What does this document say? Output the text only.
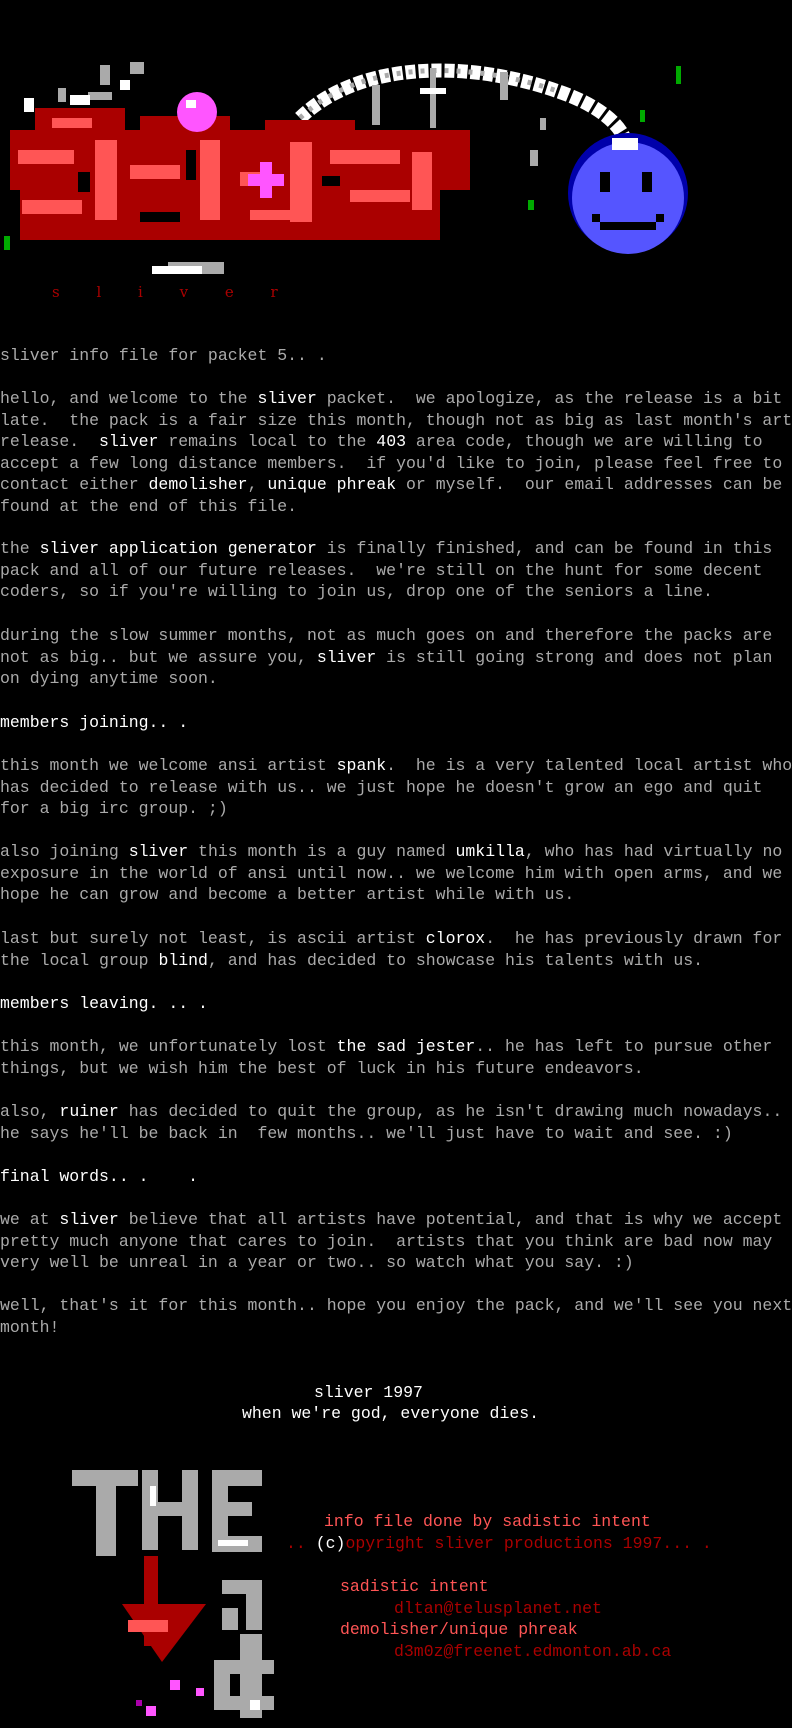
s l i v e r

sliver info file for packet 5.. .

hello, and welcome to the sliver packet.  we apologize, as the release is a bit
late.  the pack is a fair size this month, though not as big as last month's art
release.  sliver remains local to the 403 area code, though we are willing to
accept a few long distance members.  if you'd like to join, please feel free to
contact either demolisher, unique phreak or myself.  our email addresses can be
found at the end of this file.
the sliver application generator is finally finished, and can be found in this
pack and all of our future releases.  we're still on the hunt for some decent
coders, so if you're willing to join us, drop one of the seniors a line.
during the slow summer months, not as much goes on and therefore the packs are
not as big.. but we assure you, sliver is still going strong and does not plan
on dying anytime soon.

members joining.. .

this month we welcome ansi artist spank.  he is a very talented local artist who
has decided to release with us.. we just hope he doesn't grow an ego and quit
for a big irc group. ;)
also joining sliver this month is a guy named umkilla, who has had virtually no
exposure in the world of ansi until now.. we welcome him with open arms, and we
hope he can grow and become a better artist while with us.
last but surely not least, is ascii artist clorox.  he has previously drawn for
the local group blind, and has decided to showcase his talents with us.

members leaving. .. .

this month, we unfortunately lost the sad jester.. he has left to pursue other
things, but we wish him the best of luck in his future endeavors.
also, ruiner has decided to quit the group, as he isn't drawing much nowadays..
he says he'll be back in  few months.. we'll just have to wait and see. :)

final words.. .    .

we at sliver believe that all artists have potential, and that is why we accept
pretty much anyone that cares to join.  artists that you think are bad now may
very well be unreal in a year or two.. so watch what you say. :)
well, that's it for this month.. hope you enjoy the pack, and we'll see you next
month!

sliver 1997

when we're god, everyone dies.

info file done by sadistic intent

.. (c)opyright sliver productions 1997... .

sadistic intent

dltan@telusplanet.net

demolisher/unique phreak

d3m0z@freenet.edmonton.ab.ca
